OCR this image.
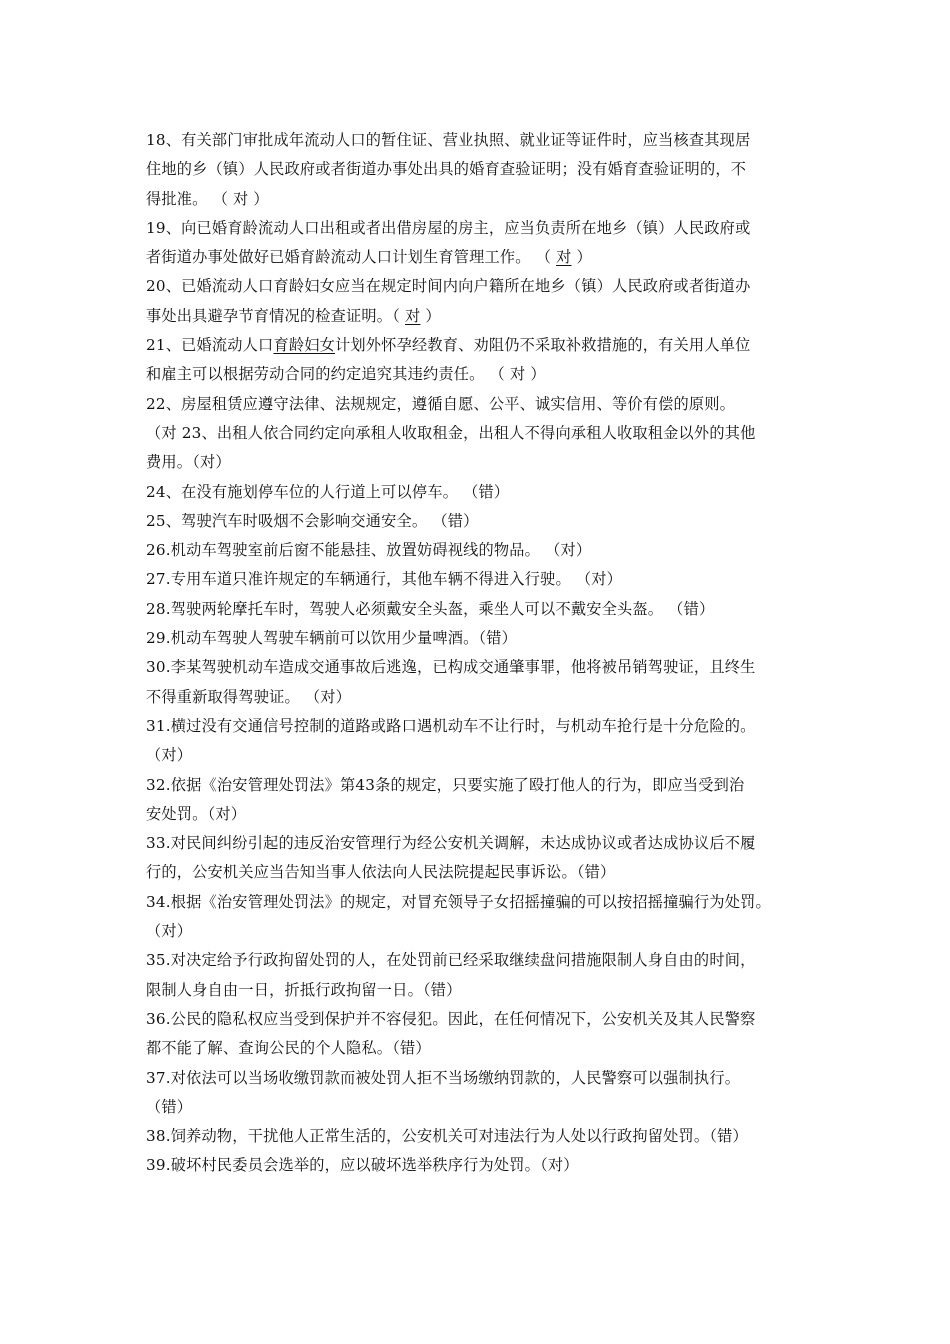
18、有关部门审批成年流动人口的暂住证、营业执照、就业证等证件时，应当核查其现居
住地的乡（镇）人民政府或者街道办事处出具的婚育查验证明；没有婚育查验证明的，不
得批准。 （ 对 ）
19、向已婚育龄流动人口出租或者出借房屋的房主，应当负责所在地乡（镇）人民政府或
者街道办事处做好已婚育龄流动人口计划生育管理工作。 （ 对 ）
20、已婚流动人口育龄妇女应当在规定时间内向户籍所在地乡（镇）人民政府或者街道办
事处出具避孕节育情况的检查证明。（ 对 ）
21、已婚流动人口育龄妇女计划外怀孕经教育、劝阻仍不采取补救措施的，有关用人单位
和雇主可以根据劳动合同的约定追究其违约责任。 （ 对 ）
22、房屋租赁应遵守法律、法规规定，遵循自愿、公平、诚实信用、等价有偿的原则。
（对 23、出租人依合同约定向承租人收取租金，出租人不得向承租人收取租金以外的其他
费用。（对）
24、在没有施划停车位的人行道上可以停车。 （错）
25、驾驶汽车时吸烟不会影响交通安全。 （错）
26.机动车驾驶室前后窗不能悬挂、放置妨碍视线的物品。 （对）
27.专用车道只准许规定的车辆通行，其他车辆不得进入行驶。 （对）
28.驾驶两轮摩托车时，驾驶人必须戴安全头盔，乘坐人可以不戴安全头盔。 （错）
29.机动车驾驶人驾驶车辆前可以饮用少量啤酒。（错）
30.李某驾驶机动车造成交通事故后逃逸，已构成交通肇事罪，他将被吊销驾驶证，且终生
不得重新取得驾驶证。 （对）
31.横过没有交通信号控制的道路或路口遇机动车不让行时，与机动车抢行是十分危险的。
（对）
32.依据《治安管理处罚法》第43条的规定，只要实施了殴打他人的行为，即应当受到治
安处罚。（对）
33.对民间纠纷引起的违反治安管理行为经公安机关调解，未达成协议或者达成协议后不履
行的，公安机关应当告知当事人依法向人民法院提起民事诉讼。（错）
34.根据《治安管理处罚法》的规定，对冒充领导子女招摇撞骗的可以按招摇撞骗行为处罚。
（对）
35.对决定给予行政拘留处罚的人，在处罚前已经采取继续盘问措施限制人身自由的时间，
限制人身自由一日，折抵行政拘留一日。（错）
36.公民的隐私权应当受到保护并不容侵犯。因此，在任何情况下，公安机关及其人民警察
都不能了解、查询公民的个人隐私。（错）
37.对依法可以当场收缴罚款而被处罚人拒不当场缴纳罚款的，人民警察可以强制执行。
（错）
38.饲养动物，干扰他人正常生活的，公安机关可对违法行为人处以行政拘留处罚。（错）
39.破坏村民委员会选举的，应以破坏选举秩序行为处罚。（对）
